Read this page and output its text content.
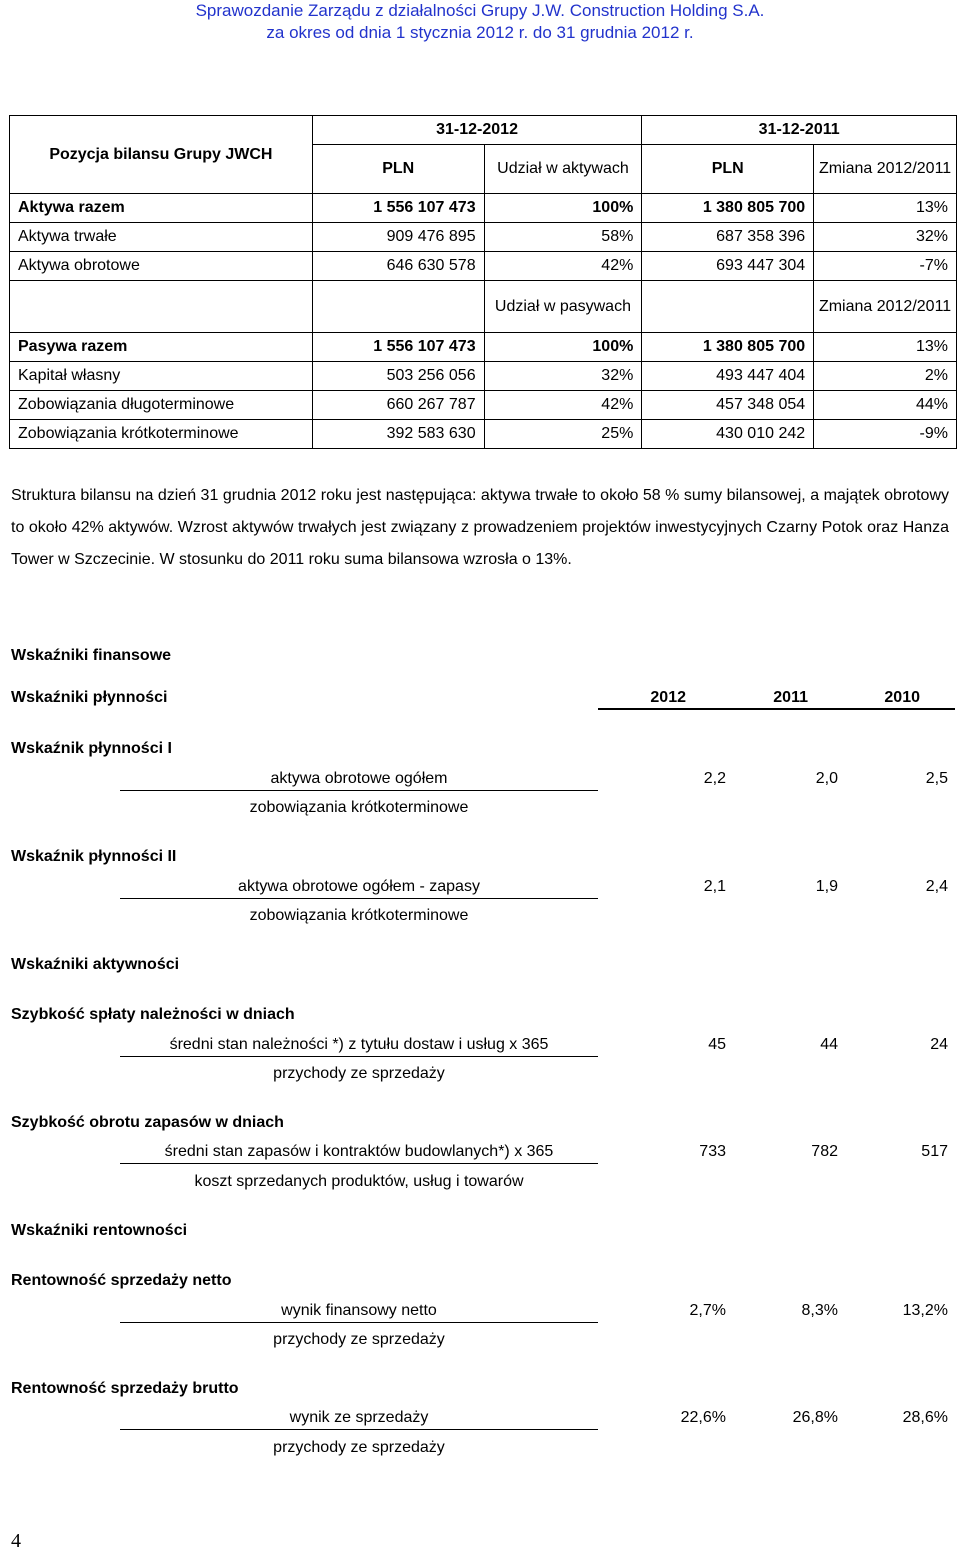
Sprawozdanie Zarządu z działalności Grupy J.W. Construction Holding S.A.
za okres od dnia 1 stycznia 2012 r. do 31 grudnia 2012 r.
Pozycja bilansu Grupy JWCH	31-12-2012		31-12-2011	
	PLN	Udział w aktywach	PLN	Zmiana 2012/2011
Aktywa razem	1 556 107 473	100%	1 380 805 700	13%
Aktywa trwałe	909 476 895	58%	687 358 396	32%
Aktywa obrotowe	646 630 578	42%	693 447 304	-7%
		Udział w pasywach		Zmiana 2012/2011
Pasywa razem	1 556 107 473	100%	1 380 805 700	13%
Kapitał własny	503 256 056	32%	493 447 404	2%
Zobowiązania długoterminowe	660 267 787	42%	457 348 054	44%
Zobowiązania krótkoterminowe	392 583 630	25%	430 010 242	-9%
Struktura bilansu na dzień 31 grudnia 2012 roku jest następująca: aktywa trwałe to około 58 % sumy bilansowej, a majątek obrotowy to około 42% aktywów. Wzrost aktywów trwałych jest związany z prowadzeniem projektów inwestycyjnych Czarny Potok oraz Hanza Tower w Szczecinie. W stosunku do 2011 roku suma bilansowa wzrosła o 13%.
Wskaźniki finansowe
Wskaźniki płynności	2012	2011	2010
Wskaźnik płynności I
aktywa obrotowe ogółem
zobowiązania krótkoterminowe
2,2	2,0	2,5
Wskaźnik płynności II
aktywa obrotowe ogółem - zapasy
zobowiązania krótkoterminowe
2,1	1,9	2,4
Wskaźniki aktywności
Szybkość spłaty należności w dniach
średni stan należności *) z tytułu dostaw i usług x 365
przychody ze sprzedaży
45	44	24
Szybkość obrotu zapasów w dniach
średni stan zapasów i kontraktów budowlanych*) x 365
koszt sprzedanych produktów, usług i towarów
733	782	517
Wskaźniki rentowności
Rentowność sprzedaży netto
wynik finansowy netto
przychody ze sprzedaży
2,7%	8,3%	13,2%
Rentowność sprzedaży brutto
wynik ze sprzedaży
przychody ze sprzedaży
22,6%	26,8%	28,6%
4
